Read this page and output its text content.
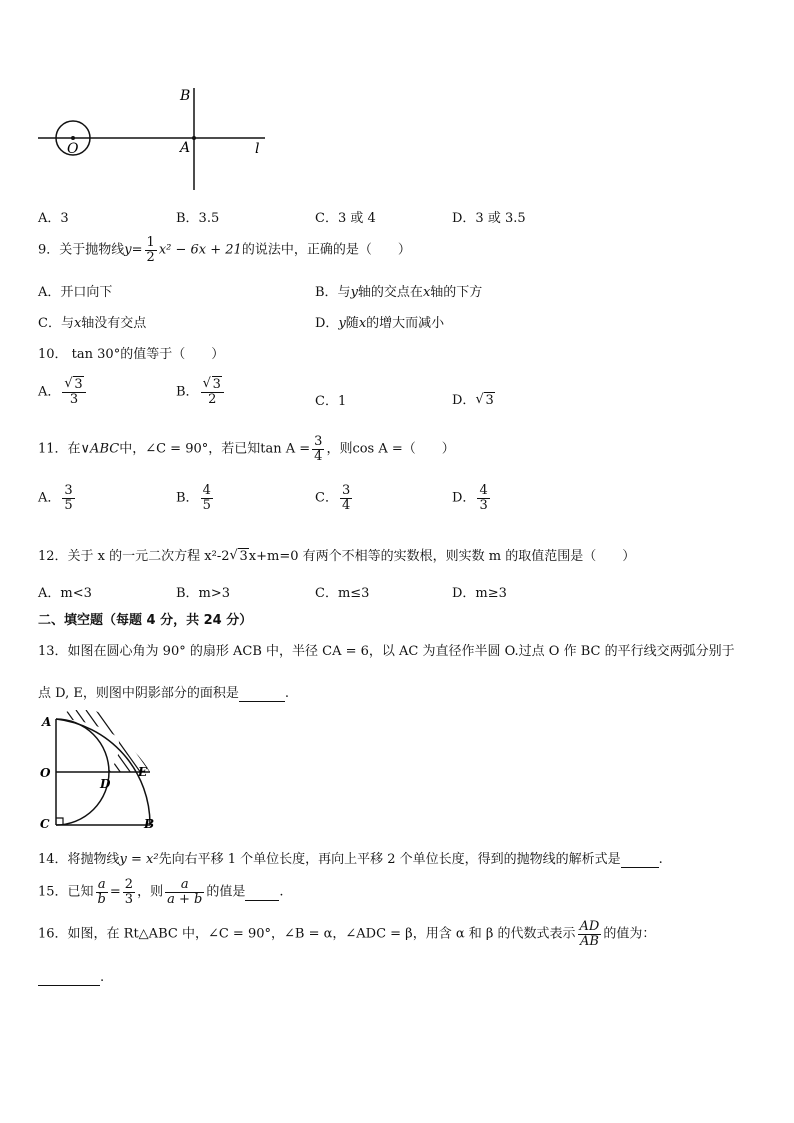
B
A
O	l
A．3	B．3.5	C．3 或 4	D．3 或 3.5
9．关于抛物线$y= \frac{1}{2} x^2 - 6x + 21$的说法中，正确的是（　　）
A．开口向下	B．与y轴的交点在x轴的下方
C．与x轴没有交点	D．y随x的增大而减小
10． tan 30°的值等于（　　）
A． √ $\frac{3}{3}$	B． √ $\frac{3}{2}$	C．1	D． √ 3
11．在∨ABC中，∠C = 90°，若已知$\tan A = \frac{3}{4}$ ，则cos A =（　　）
A． $\frac{3}{5}$	B． $\frac{4}{5}$	C． $\frac{3}{4}$	D． $\frac{4}{3}$
12．关于 x 的一元二次方程 x²-2 √ 3x+m=0 有两个不相等的实数根，则实数 m 的取值范围是（　　）
A．m<3	B．m>3	C．m≤3	D．m≥3
二、填空题（每题 4 分，共 24 分）
13．如图在圆心角为 90° 的扇形 ACB 中，半径 CA = 6，以 AC 为直径作半圆 O.过点 O 作 BC 的平行线交两弧分别于
点 D, E，则图中阴影部分的面积是	.
A
O
C
D
E
B
14．将抛物线y = x²先向右平移 1 个单位长度，再向上平移 2 个单位长度，得到的抛物线的解析式是	.
15．已知 $\frac{a}{b} = \frac{2}{3}$ ，则 $\frac{a}{a + b}$ 的值是	.
16．如图，在 Rt△ABC 中，∠C = 90°，∠B = α，∠ADC = β，用含 α 和 β 的代数式表示 $\frac{AD}{AB}$ 的值为：
.
